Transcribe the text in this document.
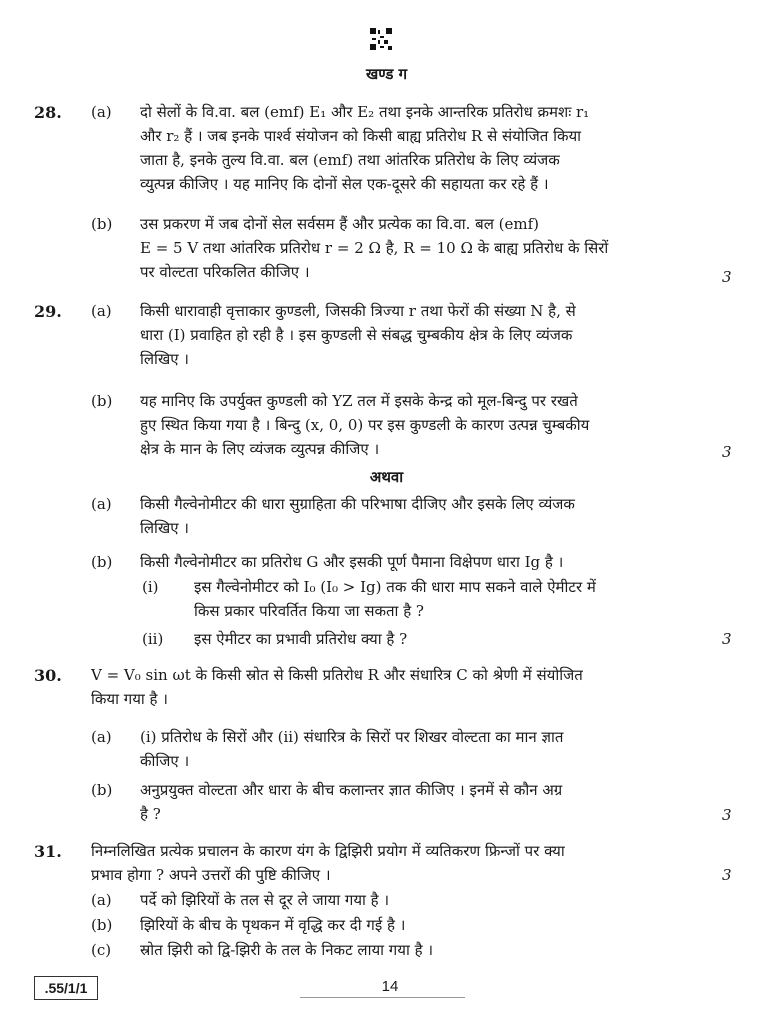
खण्ड ग
28. (a) दो सेलों के वि.वा. बल (emf) E₁ और E₂ तथा इनके आन्तरिक प्रतिरोध क्रमशः r₁
और r₂ हैं । जब इनके पार्श्व संयोजन को किसी बाह्य प्रतिरोध R से संयोजित किया
जाता है, इनके तुल्य वि.वा. बल (emf) तथा आंतरिक प्रतिरोध के लिए व्यंजक
व्युत्पन्न कीजिए । यह मानिए कि दोनों सेल एक-दूसरे की सहायता कर रहे हैं ।
(b) उस प्रकरण में जब दोनों सेल सर्वसम हैं और प्रत्येक का वि.वा. बल (emf)
E = 5 V तथा आंतरिक प्रतिरोध r = 2 Ω है, R = 10 Ω के बाह्य प्रतिरोध के सिरों
पर वोल्टता परिकलित कीजिए ।	3
29. (a) किसी धारावाही वृत्ताकार कुण्डली, जिसकी त्रिज्या r तथा फेरों की संख्या N है, से
धारा (I) प्रवाहित हो रही है । इस कुण्डली से संबद्ध चुम्बकीय क्षेत्र के लिए व्यंजक
लिखिए ।
(b) यह मानिए कि उपर्युक्त कुण्डली को YZ तल में इसके केन्द्र को मूल-बिन्दु पर रखते
हुए स्थित किया गया है । बिन्दु (x, 0, 0) पर इस कुण्डली के कारण उत्पन्न चुम्बकीय
क्षेत्र के मान के लिए व्यंजक व्युत्पन्न कीजिए ।	3
अथवा
(a) किसी गैल्वेनोमीटर की धारा सुग्राहिता की परिभाषा दीजिए और इसके लिए व्यंजक
लिखिए ।
(b) किसी गैल्वेनोमीटर का प्रतिरोध G और इसकी पूर्ण पैमाना विक्षेपण धारा Ig है ।
(i) इस गैल्वेनोमीटर को I₀ (I₀ > Ig) तक की धारा माप सकने वाले ऐमीटर में
किस प्रकार परिवर्तित किया जा सकता है ?
(ii) इस ऐमीटर का प्रभावी प्रतिरोध क्या है ?	3
30. V = V₀ sin ωt के किसी स्रोत से किसी प्रतिरोध R और संधारित्र C को श्रेणी में संयोजित
किया गया है ।
(a) (i) प्रतिरोध के सिरों और (ii) संधारित्र के सिरों पर शिखर वोल्टता का मान ज्ञात
कीजिए ।
(b) अनुप्रयुक्त वोल्टता और धारा के बीच कलान्तर ज्ञात कीजिए । इनमें से कौन अग्र
है ?	3
31. निम्नलिखित प्रत्येक प्रचालन के कारण यंग के द्विझिरी प्रयोग में व्यतिकरण फ्रिन्जों पर क्या
प्रभाव होगा ? अपने उत्तरों की पुष्टि कीजिए ।	3
(a) पर्दे को झिरियों के तल से दूर ले जाया गया है ।
(b) झिरियों के बीच के पृथकन में वृद्धि कर दी गई है ।
(c) स्रोत झिरी को द्वि-झिरी के तल के निकट लाया गया है ।
.55/1/1	14
